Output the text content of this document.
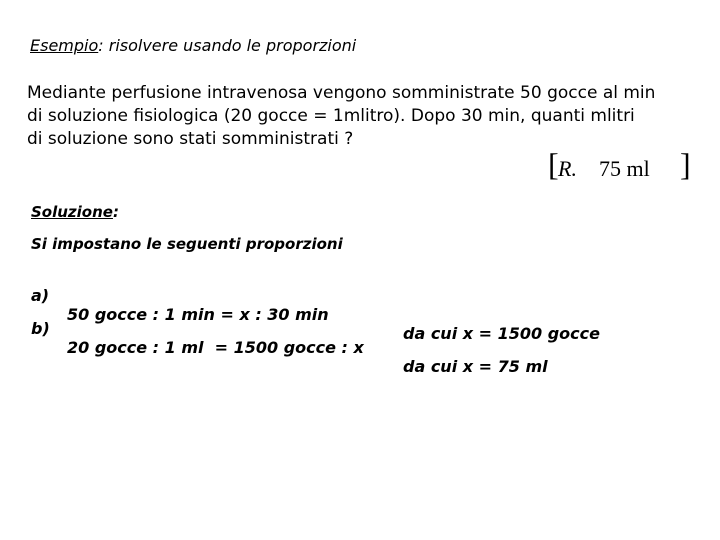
Esempio: risolvere usando le proporzioni
Mediante perfusione intravenosa vengono somministrate 50 gocce al min
di soluzione fisiologica (20 gocce = 1mlitro). Dopo 30 min, quanti mlitri
di soluzione sono stati somministrati ?
[ R. 75 ml ]
Soluzione:
Si impostano le seguenti proporzioni

a)

50 gocce : 1 min = x : 30 min

da cui x = 1500 gocce

b)

20 gocce : 1 ml  = 1500 gocce : x

da cui x = 75 ml
